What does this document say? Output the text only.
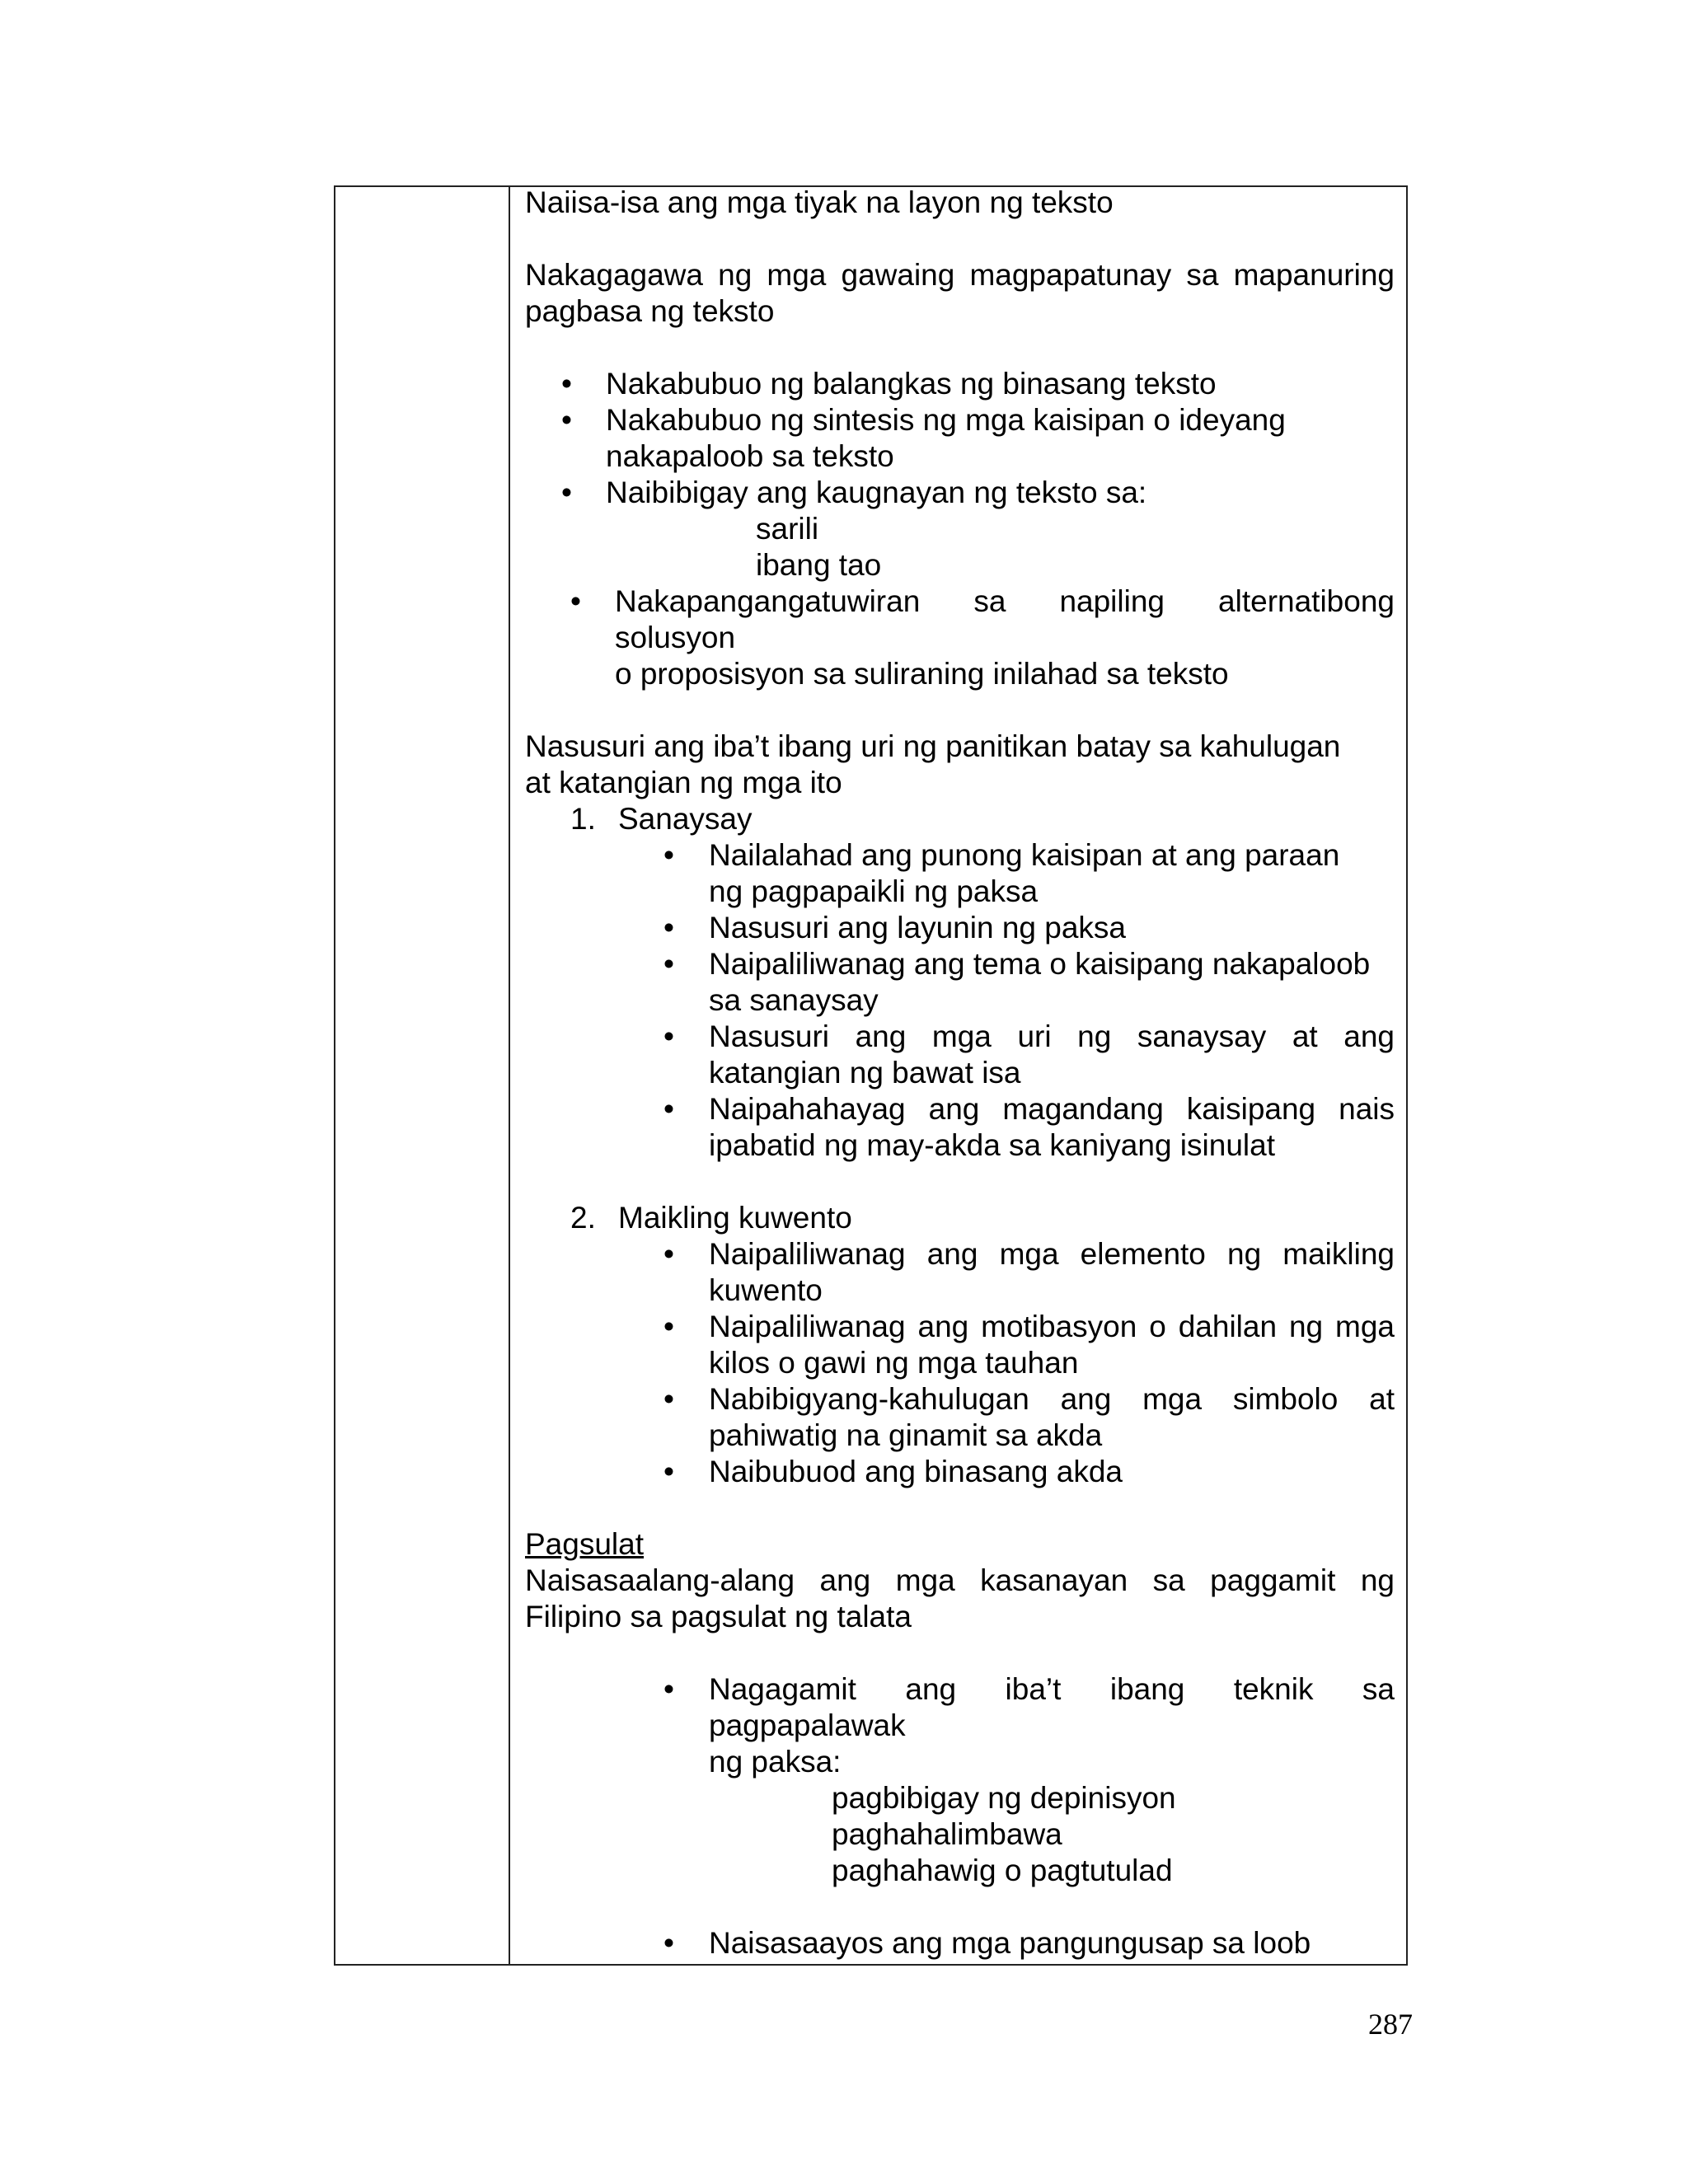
Naiisa-isa ang mga tiyak na layon ng teksto

Nakagagawa ng mga gawaing magpapatunay sa mapanuring pagbasa ng teksto

• Nakabubuo ng balangkas ng binasang teksto

• Nakabubuo ng sintesis ng mga kaisipan o ideyang nakapaloob sa teksto

• Naibibigay ang kaugnayan ng teksto sa:

sarili

ibang tao

• Nakapangangatuwiran sa napiling alternatibong

solusyon

o proposisyon sa suliraning inilahad sa teksto

Nasusuri ang iba’t ibang uri ng panitikan batay sa kahulugan at katangian ng mga ito

1. Sanaysay

• Nailalahad ang punong kaisipan at ang paraan ng pagpapaikli ng paksa

• Nasusuri ang layunin ng paksa

• Naipaliliwanag ang tema o kaisipang nakapaloob sa sanaysay

• Nasusuri ang mga uri ng sanaysay at ang katangian ng bawat isa

• Naipahahayag ang magandang kaisipang nais ipabatid ng may-akda sa kaniyang isinulat

2. Maikling kuwento

• Naipaliliwanag ang mga elemento ng maikling kuwento

• Naipaliliwanag ang motibasyon o dahilan ng mga kilos o gawi ng mga tauhan

• Nabibigyang-kahulugan ang mga simbolo at pahiwatig na ginamit sa akda

• Naibubuod ang binasang akda

Pagsulat

Naisasaalang-alang ang mga kasanayan sa paggamit ng Filipino sa pagsulat ng talata

• Nagagamit ang iba’t ibang teknik sa

pagpapalawak

ng paksa:

pagbibigay ng depinisyon

paghahalimbawa

paghahawig o pagtutulad

• Naisasaayos ang mga pangungusap sa loob

287
